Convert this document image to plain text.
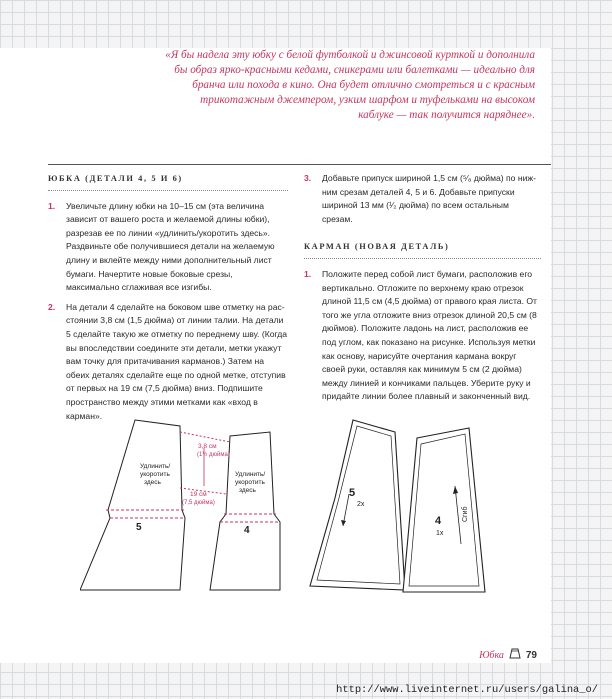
«Я бы надела эту юбку с белой футболкой и джинсовой курткой и дополнила бы образ ярко-красными кедами, сникерами или балетками — идеально для бранча или похода в кино. Она будет отлично смотреться и с красным трикотажным джемпером, узким шарфом и туфельками на высоком каблуке — так получится наряднее».
ЮБКА (ДЕТАЛИ 4, 5 И 6)
1.	Увеличьте длину юбки на 10–15 см (эта величина зависит от вашего роста и желаемой длины юбки), разрезав ее по линии «удлинить/укоротить здесь». Раздвиньте обе получившиеся детали на желаемую длину и вклейте между ними дополнительный лист бумаги. Начертите новые боковые срезы, максимально сглаживая все изгибы.
2.	На детали 4 сделайте на боковом шве отметку на расстоянии 3,8 см (1,5 дюйма) от линии талии. На детали 5 сделайте такую же отметку по переднему шву. (Когда вы впоследствии соедините эти детали, метки укажут вам точку для притачивания карманов.) Затем на обеих деталях сделайте еще по одной метке, отступив от первых на 19 см (7,5 дюйма) вниз. Подпишите пространство между этими метками как «вход в карман».
3.	Добавьте припуск шириной 1,5 см (⁵⁄₈ дюйма) по нижним срезам деталей 4, 5 и 6. Добавьте припуски шириной 13 мм (¹⁄₂ дюйма) по всем остальным срезам.
КАРМАН (НОВАЯ ДЕТАЛЬ)
1.	Положите перед собой лист бумаги, расположив его вертикально. Отложите по верхнему краю отрезок длиной 11,5 см (4,5 дюйма) от правого края листа. От того же угла отложите вниз отрезок длиной 20,5 см (8 дюймов). Положите ладонь на лист, расположив ее под углом, как показано на рисунке. Используя метки как основу, нарисуйте очертания кармана вокруг своей руки, оставляя как минимум 5 см (2 дюйма) между линией и кончиками пальцев. Уберите руку и придайте линии более плавный и законченный вид.
3,8 см
(1½ дюйма)
19 см
(7,5 дюйма)
Удлинить/
укоротить
здесь
Удлинить/
укоротить
здесь
5	4
5
2x
4
1x
Сгиб
Юбка 79
http://www.liveinternet.ru/users/galina_o/
